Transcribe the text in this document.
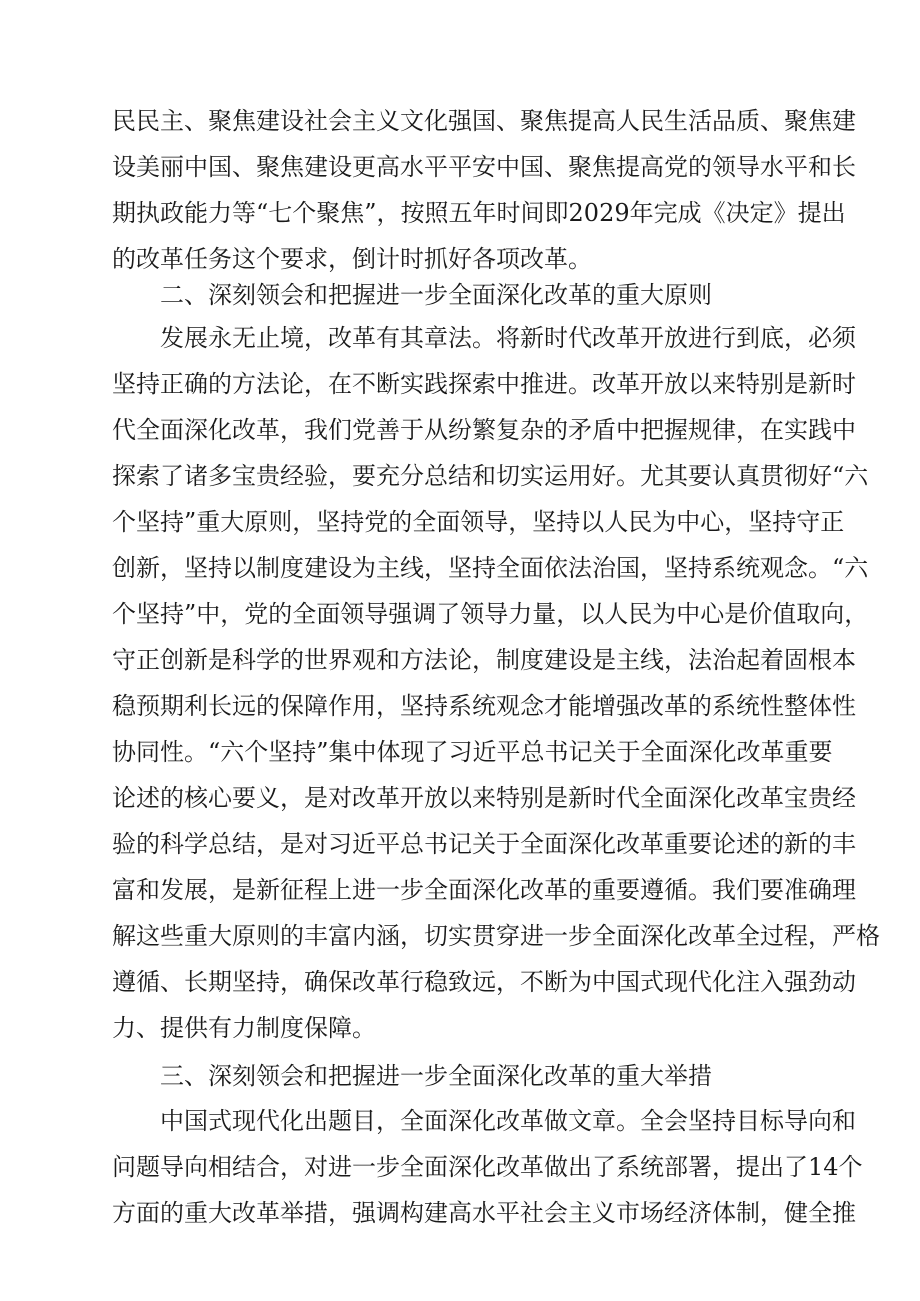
民民主、聚焦建设社会主义文化强国、聚焦提高人民生活品质、聚焦建
设美丽中国、聚焦建设更高水平平安中国、聚焦提高党的领导水平和长
期执政能力等“七个聚焦”，按照五年时间即2029年完成《决定》提出
的改革任务这个要求，倒计时抓好各项改革。
二、深刻领会和把握进一步全面深化改革的重大原则
发展永无止境，改革有其章法。将新时代改革开放进行到底，必须
坚持正确的方法论，在不断实践探索中推进。改革开放以来特别是新时
代全面深化改革，我们党善于从纷繁复杂的矛盾中把握规律，在实践中
探索了诸多宝贵经验，要充分总结和切实运用好。尤其要认真贯彻好“六
个坚持”重大原则，坚持党的全面领导，坚持以人民为中心，坚持守正
创新，坚持以制度建设为主线，坚持全面依法治国，坚持系统观念。“六
个坚持”中，党的全面领导强调了领导力量，以人民为中心是价值取向，
守正创新是科学的世界观和方法论，制度建设是主线，法治起着固根本
稳预期利长远的保障作用，坚持系统观念才能增强改革的系统性整体性
协同性。“六个坚持”集中体现了习近平总书记关于全面深化改革重要
论述的核心要义，是对改革开放以来特别是新时代全面深化改革宝贵经
验的科学总结，是对习近平总书记关于全面深化改革重要论述的新的丰
富和发展，是新征程上进一步全面深化改革的重要遵循。我们要准确理
解这些重大原则的丰富内涵，切实贯穿进一步全面深化改革全过程，严格
遵循、长期坚持，确保改革行稳致远，不断为中国式现代化注入强劲动
力、提供有力制度保障。
三、深刻领会和把握进一步全面深化改革的重大举措
中国式现代化出题目，全面深化改革做文章。全会坚持目标导向和
问题导向相结合，对进一步全面深化改革做出了系统部署，提出了14个
方面的重大改革举措，强调构建高水平社会主义市场经济体制，健全推
